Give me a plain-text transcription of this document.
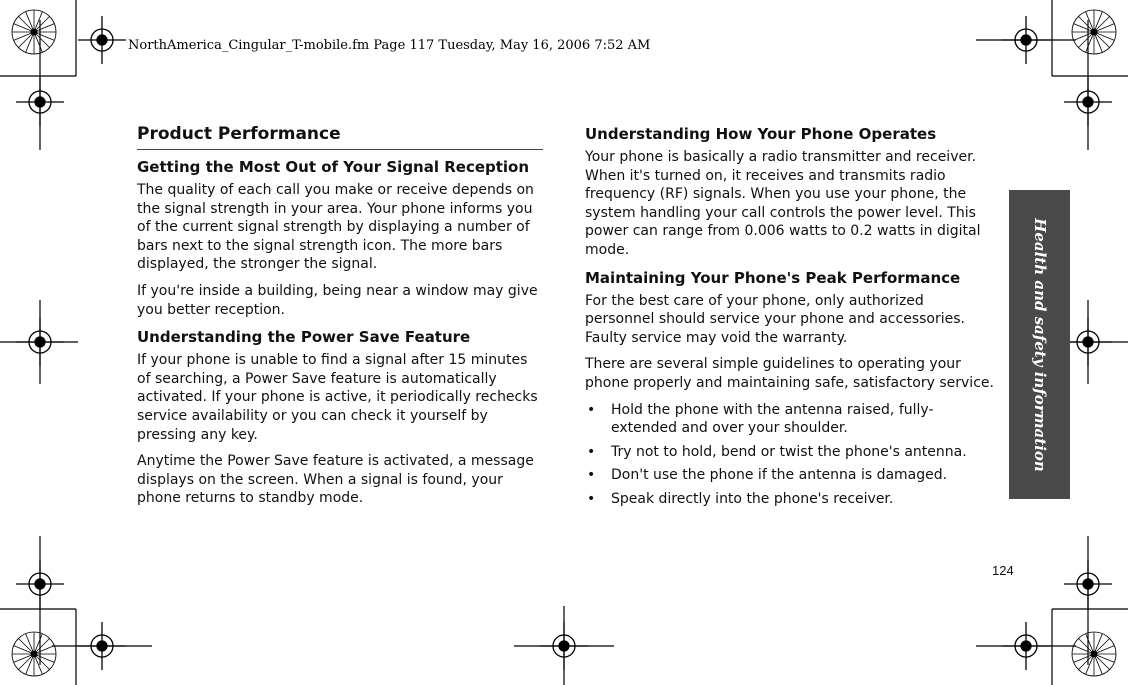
NorthAmerica_Cingular_T-mobile.fm Page 117 Tuesday, May 16, 2006 7:52 AM
Product Performance
Getting the Most Out of Your Signal Reception

The quality of each call you make or receive depends on the signal strength in your area. Your phone informs you of the current signal strength by displaying a number of bars next to the signal strength icon. The more bars displayed, the stronger the signal.

If you're inside a building, being near a window may give you better reception.

Understanding the Power Save Feature

If your phone is unable to find a signal after 15 minutes of searching, a Power Save feature is automatically activated. If your phone is active, it periodically rechecks service availability or you can check it yourself by pressing any key.

Anytime the Power Save feature is activated, a message displays on the screen. When a signal is found, your phone returns to standby mode.

Understanding How Your Phone Operates

Your phone is basically a radio transmitter and receiver. When it's turned on, it receives and transmits radio frequency (RF) signals. When you use your phone, the system handling your call controls the power level. This power can range from 0.006 watts to 0.2 watts in digital mode.

Maintaining Your Phone's Peak Performance

For the best care of your phone, only authorized personnel should service your phone and accessories. Faulty service may void the warranty.

There are several simple guidelines to operating your phone properly and maintaining safe, satisfactory service.

• Hold the phone with the antenna raised, fully-extended and over your shoulder.
• Try not to hold, bend or twist the phone's antenna.
• Don't use the phone if the antenna is damaged.
• Speak directly into the phone's receiver.
Health and safety information
124
